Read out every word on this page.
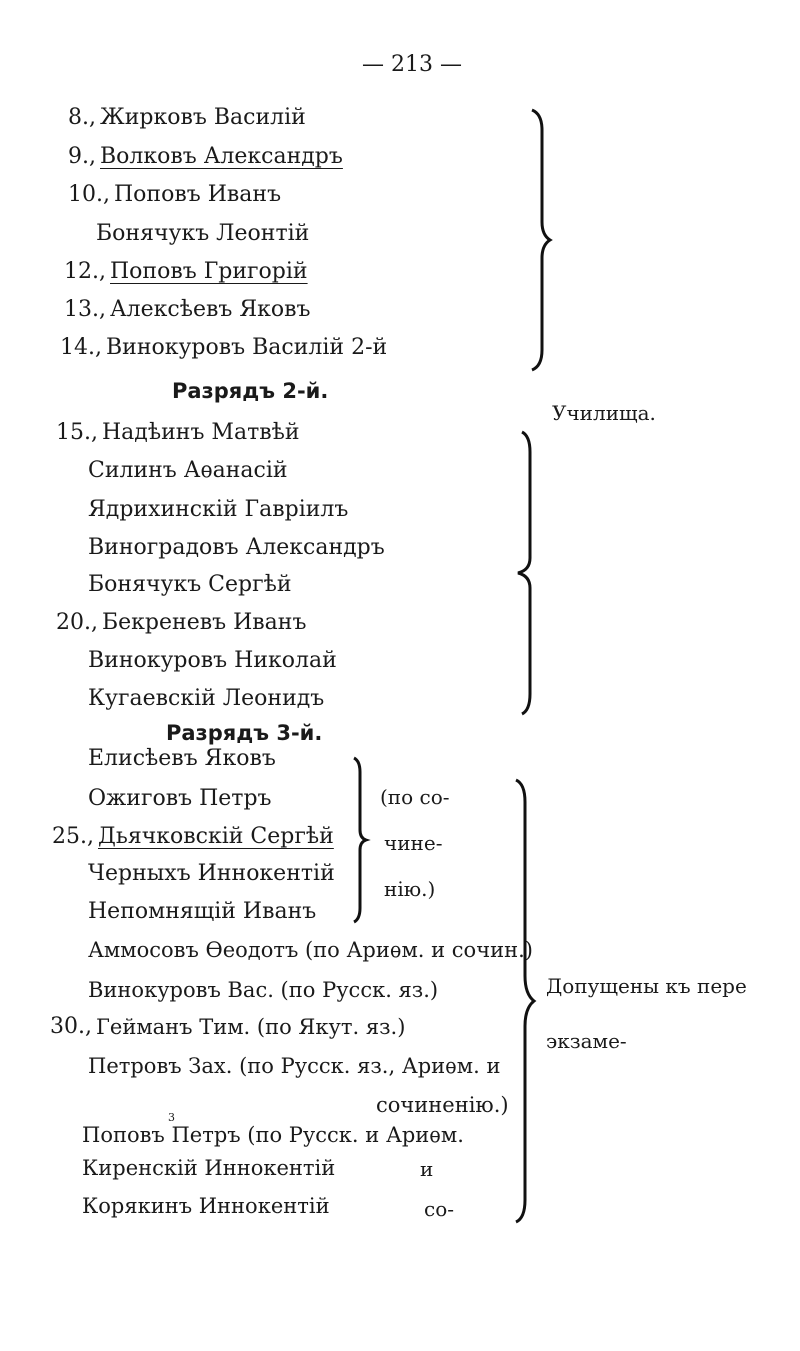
— 213 —
8., Жирковъ Василій
9., Волковъ Александръ
10., Поповъ Иванъ
Бонячукъ Леонтій
12., Поповъ Григорій
13., Алексѣевъ Яковъ
14., Винокуровъ Василій 2-й
Училища.
Разрядъ 2-й.
15., Надѣинъ Матвѣй
Силинъ Аѳанасій
Ядрихинскій Гавріилъ
Виноградовъ Александръ
Бонячукъ Сергѣй
20., Бекреневъ Иванъ
Винокуровъ Николай
Кугаевскій Леонидъ
Разрядъ 3-й.
Елисѣевъ Яковъ
Ожиговъ Петръ
25., Дьячковскій Сергѣй
Черныхъ Иннокентій
Непомнящій Иванъ
(по со-
чине-
нію.)
Аммосовъ Ѳеодотъ (по Ариѳм. и сочин.)
Винокуровъ Вас. (по Русск. яз.)
30., Гейманъ Тим. (по Якут. яз.)
Петровъ Зах. (по Русск. яз., Ариѳм. и
сочиненію.)
Поповъ Петръ (по Русск. и Ариѳм.
3
Киренскій Иннокентій	и
Корякинъ Иннокентій	со-
Допущены къ пере
экзаме-
